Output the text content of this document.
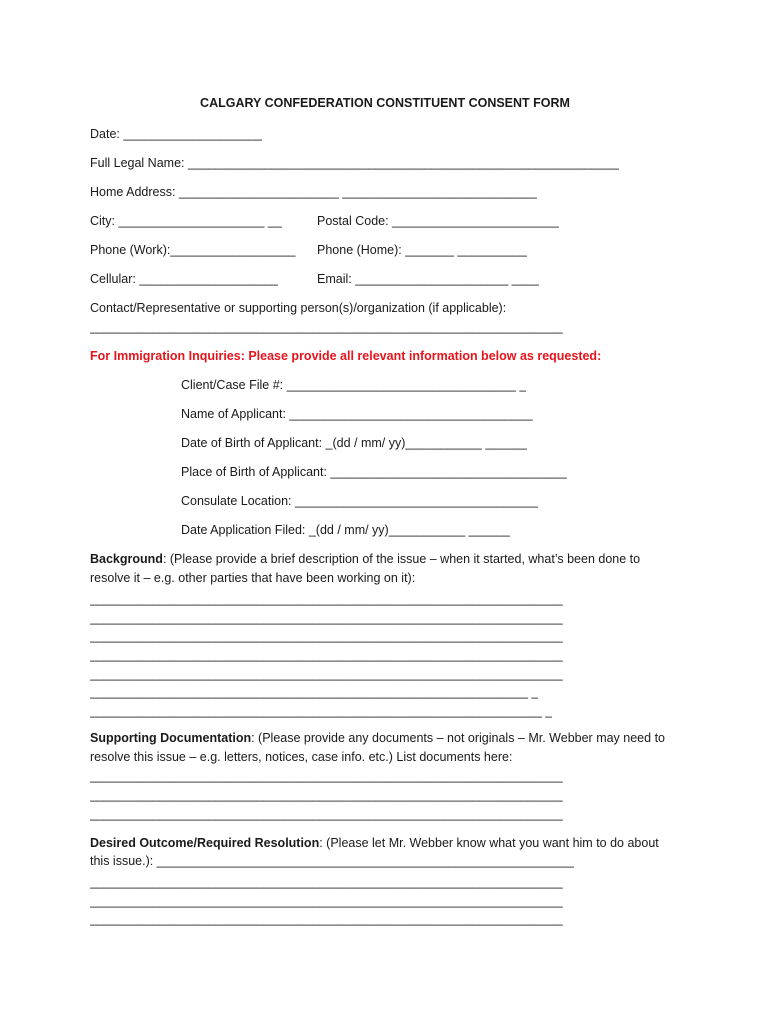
CALGARY CONFEDERATION CONSTITUENT CONSENT FORM
Date: ____________________
Full Legal Name: ______________________________________________________________
Home Address: _______________________ ____________________________
City: _____________________ __	Postal Code: ________________________
Phone (Work):__________________ Phone (Home): _______ __________
Cellular: ____________________	Email: ______________________ ____
Contact/Representative or supporting person(s)/organization (if applicable):
____________________________________________________________________
For Immigration Inquiries: Please provide all relevant information below as requested:
Client/Case File #: _________________________________ _
Name of Applicant: ___________________________________
Date of Birth of Applicant: _(dd / mm/ yy)___________ ______
Place of Birth of Applicant: __________________________________
Consulate Location: ___________________________________
Date Application Filed: _(dd / mm/ yy)___________ ______
Background: (Please provide a brief description of the issue – when it started, what’s been done to
resolve it – e.g. other parties that have been working on it):
____________________________________________________________________
____________________________________________________________________
____________________________________________________________________
____________________________________________________________________
____________________________________________________________________
_______________________________________________________________ _
_________________________________________________________________ _
Supporting Documentation: (Please provide any documents – not originals – Mr. Webber may need to
resolve this issue – e.g. letters, notices, case info. etc.) List documents here:
____________________________________________________________________
____________________________________________________________________
____________________________________________________________________
Desired Outcome/Required Resolution: (Please let Mr. Webber know what you want him to do about
this issue.): ____________________________________________________________
____________________________________________________________________
____________________________________________________________________
____________________________________________________________________
